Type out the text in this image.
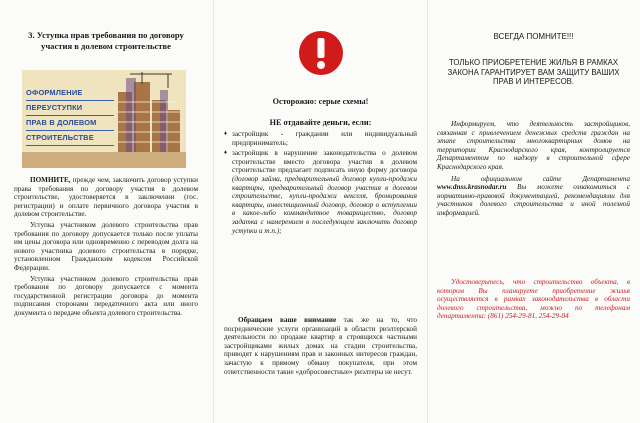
3. Уступка прав требования по договору участия в долевом строительстве
ОФОРМЛЕНИЕ
ПЕРЕУСТУПКИ
ПРАВ В ДОЛЕВОМ
СТРОИТЕЛЬСТВЕ

ПОМНИТЕ, прежде чем, заключить договор уступки права требования по договору участия в долевом строительстве, удостоверяется в заключении (гос. регистрации) и оплате первичного договора участия в долевом строительстве.

Уступка участником долевого строительства прав требования по договору допускается только после уплаты им цены договора или одновременно с переводом долга на нового участника долевого строительства в порядке, установленном Гражданским кодексом Российской Федерации.

Уступка участником долевого строительства прав требования по договору допускается с момента государственной регистрации договора до момента подписания сторонами передаточного акта или иного документа о передаче объекта долевого строительства.

Осторожно: серые схемы!

НЕ отдавайте деньги, если:

♦ застройщик - граждании или индивидуальный предприниматель;

♦ застройщик в нарушение законодательства о долевом строительстве вместо договора участия в долевом строительстве предлагает подписать иную форму договора (договор займа, предварительный договор купли-продажи квартиры, предварительный договор участия в долевом строительстве, купли-продажи векселя, бронирования квартиры, инвестиционный договор, договор о вступлении в какое-либо коммандитное товарищество, договор задатка с намерением в последующем заключить договор уступки и т.п.);

Обращаем ваше внимание так же на то, что посреднические услуги организаций в области риэлтерской деятельности по продаже квартир в строящихся частными застройщиками жилых домах на стадии строительства, приводят к нарушениям прав и законных интересов граждан, зачастую к прямому обману покупателя, при этом ответственности такие «добросовестные» риэлтеры не несут.

ВСЕГДА ПОМНИТЕ!!!
ТОЛЬКО ПРИОБРЕТЕНИЕ ЖИЛЬЯ В РАМКАХ ЗАКОНА ГАРАНТИРУЕТ ВАМ ЗАЩИТУ ВАШИХ ПРАВ И ИНТЕРЕСОВ.

Информируем, что деятельность застройщиков, связанная с привлечением денежных средств граждан на этапе строительства многоквартирных домов на территории Краснодарского края, контролируется Департаментом по надзору в строительной сфере Краснодарского края.

На официальном сайте Департамента www.dnss.krasnodar.ru Вы можете ознакомиться с нормативно-правовой документацией, рекомендациями для участников долевого строительства и иной полезной информацией.

Удостоверьтесь, что строительство объекта, в котором Вы планируете приобретение жилья осуществляется в рамках законодательства в области долевого строительства, можно по телефонам департамента: (861) 254-29-81, 254-29-84
